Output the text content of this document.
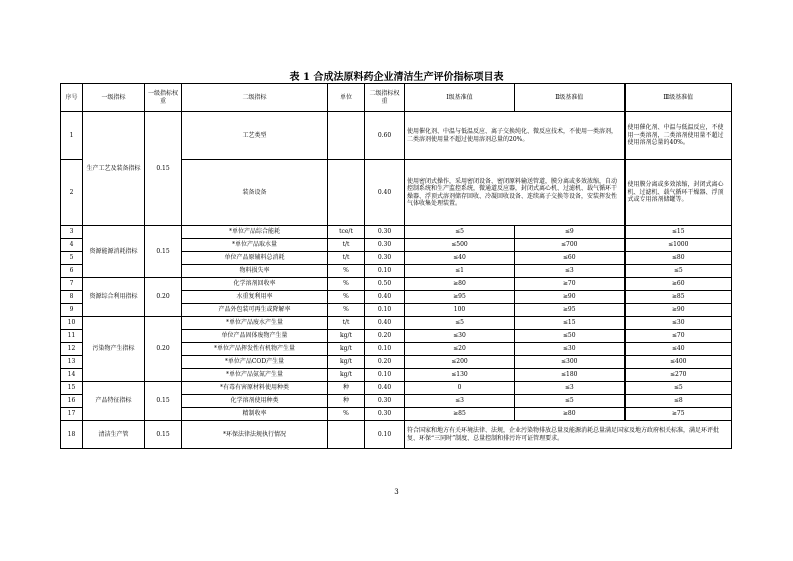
表 1 合成法原料药企业清洁生产评价指标项目表
序号	一级指标	一级指标权重	二级指标	单位	二级指标权重	Ⅰ级基准值	Ⅱ级基准值	Ⅲ级基准值
1	生产工艺及装备指标	0.15	工艺类型		0.60	使用催化剂、中温与低温反应、离子交换纯化、微反应技术，不使用一类溶剂，二类溶剂使用量不超过使用溶剂总量的20%。		使用催化剂、中温与低温反应，不使用一类溶剂，二类溶剂使用量不超过使用溶剂总量的40%。
2			装备设备		0.40	使用密闭式操作，采用密闭设备、密闭原料输送管道，膜分离或多效浓缩，自动控制系统和生产监控系统，微通道反应器，封闭式离心机、过滤机、载气循环干燥器、浮顶式溶剂储存回收、冷凝回收设备、连续离子交换等设备，安装挥发性气体收集处理装置。		使用膜分离或多效浓缩，封闭式离心机、过滤机、载气循环干燥器、浮顶式或专用溶剂储罐等。
3	资源能源消耗指标	0.15	*单位产品综合能耗	tce/t	0.30	≤5	≤9	≤15
4			*单位产品取水量	t/t	0.30	≤500	≤700	≤1000
5			单位产品原辅料总消耗	t/t	0.30	≤40	≤60	≤80
6			物料损失率	%	0.10	≤1	≤3	≤5
7	资源综合利用指标	0.20	化学溶剂回收率	%	0.50	≥80	≥70	≥60
8			水重复利用率	%	0.40	≥95	≥90	≥85
9			产品外包装可再生或降解率	%	0.10	100	≥95	≥90
10	污染物产生指标	0.20	*单位产品废水产生量	t/t	0.40	≤5	≤15	≤30
11			单位产品固体废物产生量	kg/t	0.20	≤30	≤50	≤70
12			*单位产品挥发性有机物产生量	kg/t	0.10	≤20	≤30	≤40
13			*单位产品COD产生量	kg/t	0.20	≤200	≤300	≤400
14			*单位产品氨氮产生量	kg/t	0.10	≤130	≤180	≤270
15	产品特征指标	0.15	*有毒有害原材料使用种类	种	0.40	0	≤3	≤5
16			化学溶剂使用种类	种	0.30	≤3	≤5	≤8
17			精制收率	%	0.30	≥85	≥80	≥75
18	清洁生产管	0.15	*环保法律法规执行情况		0.10	符合国家和地方有关环境法律、法规，企业污染物排放总量及能源消耗总量满足国家及地方政府相关标准，满足环评批复、环保“三同时”制度、总量控制和排污许可证管理要求。		
3
